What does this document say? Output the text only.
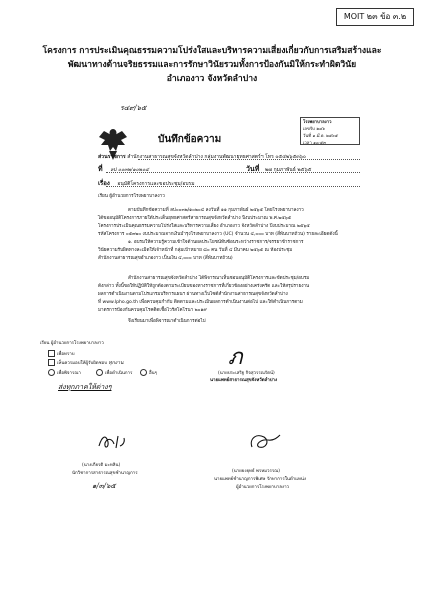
MOIT ๒๓ ข้อ ๓.๒
โครงการ การประเมินคุณธรรมความโปร่งใสและบริหารความเสี่ยงเกี่ยวกับการเสริมสร้างและ
พัฒนาทางด้านจริยธรรมและการรักษาวินัยรวมทั้งการป้องกันมิให้กระทำผิดวินัย
อำเภองาว จังหวัดลำปาง
ร๔๙/๖๕
โรงพยาบาลงาว
เลขรับ ๒๔๖
วันที่ ๑ มี.ค. ๒๕๖๕
เวลา ๑๐:๕๓
บันทึกข้อความ
ส่วนราชการ สำนักงานสาธารณสุขจังหวัดลำปาง กลุ่มงานพัฒนายุทธศาสตร์ฯ โทร ๐๕๔๒๖๕๓๖๐
ที่ ลป ๐๐๓๒/๑๐๒๐๔	วันที่ ๒๗ กุมภาพันธ์ ๒๕๖๕
เรื่อง อนุมัติโครงการและขอประชุม/อบรม
เรียน ผู้อำนวยการโรงพยาบาลงาว
ตามบันทึกข้อความที่ ลป๐๐๓๒/๑๐๒๐๔ ลงวันที่ ๑๑ กุมภาพันธ์ ๒๕๖๕ โดยโรงพยาบาลงาว
ได้ขออนุมัติโครงการภายใต้ประเด็นยุทธศาสตร์สาธารณสุขจังหวัดลำปาง ปีงบประมาณ พ.ศ.๒๕๖๕
โครงการประเมินคุณธรรมความโปร่งใสและบริหารความเสี่ยง อำเภองาว จังหวัดลำปาง ปีงบประมาณ ๒๕๖๕
รหัสโครงการ ๐๕๓๒๐ งบประมาณจากเงินบำรุงโรงพยาบาลงาว (UC) จำนวน ๔,๐๐๐ บาท (สี่พันบาทถ้วน) รายละเอียดดังนี้
๑. อบรมให้ความรู้ความเข้าใจด้านผลประโยชน์ทับซ้อนระหว่างราชการ/จรรยาข้าราชการ
วินัยความรับผิดทางละเมิดให้เจ้าหน้าที่ กลุ่มเป้าหมาย ๘๐ คน วันที่ ๔ มีนาคม ๒๕๖๕ ณ ห้องประชุม
สำนักงานสาธารณสุขอำเภองาว เป็นเงิน ๔,๐๐๐ บาท (สี่พันบาทถ้วน)
สำนักงานสาธารณสุขจังหวัดลำปาง ได้พิจารณาเห็นชอบอนุมัติโครงการและขัดประชุม/อบรม
ดังกล่าว ทั้งนี้ขอให้ปฏิบัติให้ถูกต้องตามระเบียบของทางราชการที่เกี่ยวข้องอย่างเคร่งครัด และให้สรุปรายงาน
ผลการดำเนินงานตามโปรแกรมบริหารแผนฯ ผ่านทางเว็บไซต์สำนักงานสาธารณสุขจังหวัดลำปาง
ที่ www.lpho.go.th เพื่อควบคุมกำกับ ติดตามและประเมินผลการดำเนินงานต่อไป และให้ดำเนินการตาม
มาตรการป้องกันควบคุมโรคติดเชื้อไวรัสโคโรนา ๒๐๑๙
จึงเรียนมาเพื่อพิจารณาดำเนินการต่อไป
เรียน ผู้อำนวยการโรงพยาบาลงาว
เพื่อทราบ
เห็นควรมอบให้ผู้รับผิดชอบ ทุกงาน
เพื่อพิจารณา	เพื่อดำเนินการ	อื่นๆ
ส่งทุกภาคให้ต่างๆ
ภ
(นายประเสริฐ กิจสุวรรณรัตน์)
นายแพทย์สาธารณสุขจังหวัดลำปาง
(นางเกียรติ มะหลิน)
นักวิชาการสาธารณสุขชำนาญการ
๑/๓/๖๕
(นายยงยุทธ์ พรหมวรรณ)
นายแพทย์ชำนาญการพิเศษ รักษาการในตำแหน่ง
ผู้อำนวยการโรงพยาบาลงาว
